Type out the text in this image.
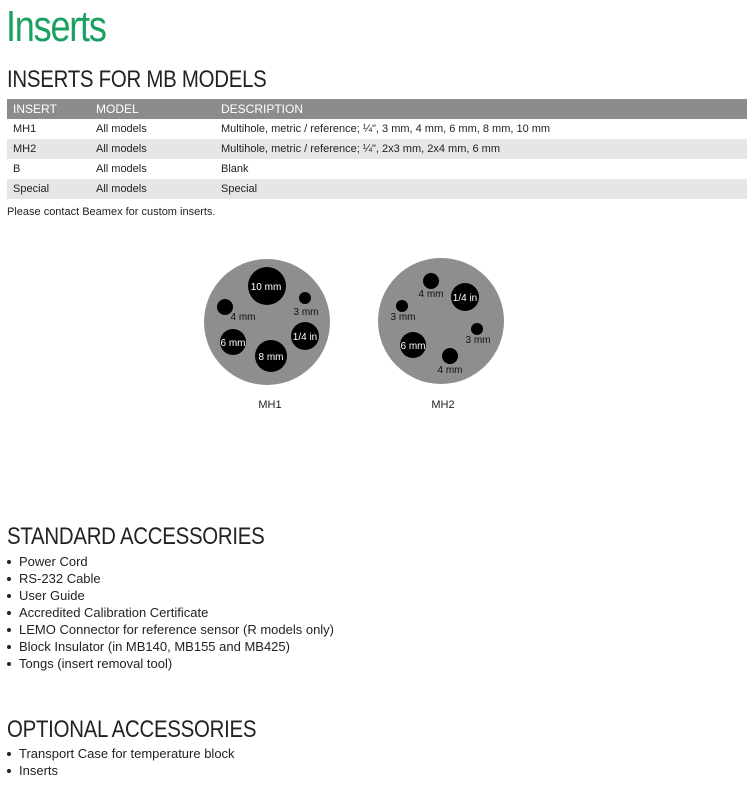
Inserts
INSERTS FOR MB MODELS
INSERT	MODEL	DESCRIPTION
MH1	All models	Multihole, metric / reference; ¼", 3 mm, 4 mm, 6 mm, 8 mm, 10 mm
MH2	All models	Multihole, metric / reference; ¼", 2x3 mm, 2x4 mm, 6 mm
B	All models	Blank
Special	All models	Special
Please contact Beamex for custom inserts.
10 mm
4 mm	3 mm
6 mm
1/4 in
8 mm
MH1
4 mm 1/4 in
3 mm
3 mm
6 mm
4 mm
MH2
STANDARD ACCESSORIES
Power Cord
RS-232 Cable
User Guide
Accredited Calibration Certificate
LEMO Connector for reference sensor (R models only)
Block Insulator (in MB140, MB155 and MB425)
Tongs (insert removal tool)
OPTIONAL ACCESSORIES
Transport Case for temperature block
Inserts
